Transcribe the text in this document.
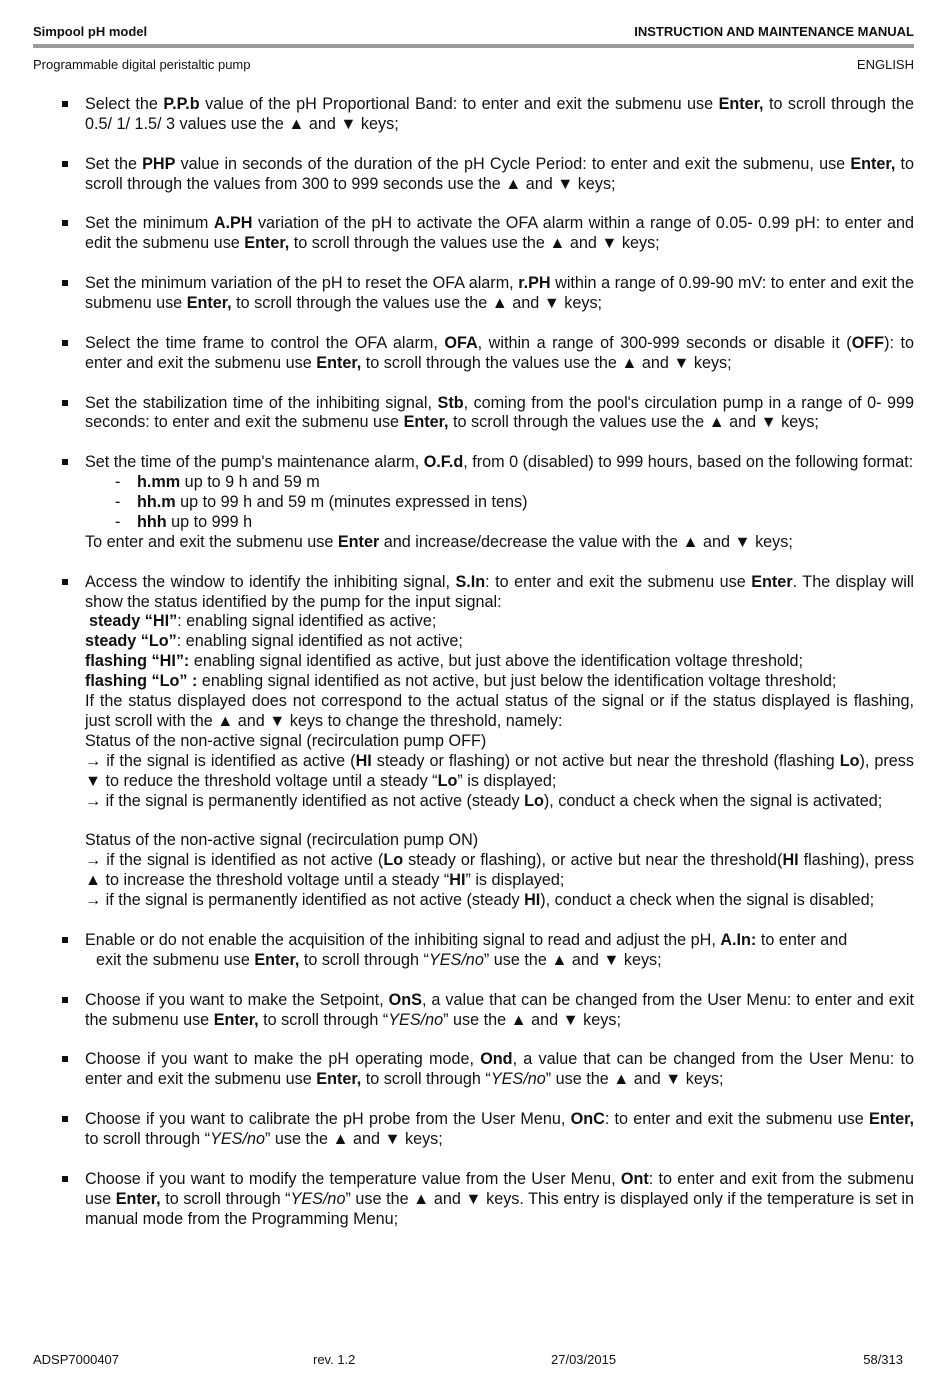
Simpool pH model	INSTRUCTION AND MAINTENANCE MANUAL
Programmable digital peristaltic pump	ENGLISH
Select the P.P.b value of the pH Proportional Band: to enter and exit the submenu use Enter, to scroll through the 0.5/ 1/ 1.5/ 3 values use the ▲ and ▼ keys;
Set the PHP value in seconds of the duration of the pH Cycle Period: to enter and exit the submenu, use Enter, to scroll through the values from 300 to 999 seconds use the ▲ and ▼ keys;
Set the minimum A.PH variation of the pH to activate the OFA alarm within a range of 0.05- 0.99 pH: to enter and edit the submenu use Enter, to scroll through the values use the ▲ and ▼ keys;
Set the minimum variation of the pH to reset the OFA alarm, r.PH within a range of 0.99-90 mV: to enter and exit the submenu use Enter, to scroll through the values use the ▲ and ▼ keys;
Select the time frame to control the OFA alarm, OFA, within a range of 300-999 seconds or disable it (OFF): to enter and exit the submenu use Enter, to scroll through the values use the ▲ and ▼ keys;
Set the stabilization time of the inhibiting signal, Stb, coming from the pool's circulation pump in a range of 0- 999 seconds: to enter and exit the submenu use Enter, to scroll through the values use the ▲ and ▼ keys;
Set the time of the pump's maintenance alarm, O.F.d, from 0 (disabled) to 999 hours, based on the following format:
- h.mm up to 9 h and 59 m
- hh.m up to 99 h and 59 m (minutes expressed in tens)
- hhh up to 999 h
To enter and exit the submenu use Enter and increase/decrease the value with the ▲ and ▼ keys;
Access the window to identify the inhibiting signal, S.In: to enter and exit the submenu use Enter. The display will show the status identified by the pump for the input signal:
steady “HI”: enabling signal identified as active;
steady “Lo”: enabling signal identified as not active;
flashing “HI”: enabling signal identified as active, but just above the identification voltage threshold;
flashing “Lo” : enabling signal identified as not active, but just below the identification voltage threshold;
If the status displayed does not correspond to the actual status of the signal or if the status displayed is flashing, just scroll with the ▲ and ▼ keys to change the threshold, namely:
Status of the non-active signal (recirculation pump OFF)
→ if the signal is identified as active (HI steady or flashing) or not active but near the threshold (flashing Lo), press ▼ to reduce the threshold voltage until a steady “Lo” is displayed;
→ if the signal is permanently identified as not active (steady Lo), conduct a check when the signal is activated;
Status of the non-active signal (recirculation pump ON)
→ if the signal is identified as not active (Lo steady or flashing), or active but near the threshold(HI flashing), press ▲ to increase the threshold voltage until a steady “HI” is displayed;
→ if the signal is permanently identified as not active (steady HI), conduct a check when the signal is disabled;
Enable or do not enable the acquisition of the inhibiting signal to read and adjust the pH, A.In: to enter and
exit the submenu use Enter, to scroll through “YES/no” use the ▲ and ▼ keys;
Choose if you want to make the Setpoint, OnS, a value that can be changed from the User Menu: to enter and exit the submenu use Enter, to scroll through “YES/no” use the ▲ and ▼ keys;
Choose if you want to make the pH operating mode, Ond, a value that can be changed from the User Menu: to enter and exit the submenu use Enter, to scroll through “YES/no” use the ▲ and ▼ keys;
Choose if you want to calibrate the pH probe from the User Menu, OnC: to enter and exit the submenu use Enter, to scroll through “YES/no” use the ▲ and ▼ keys;
Choose if you want to modify the temperature value from the User Menu, Ont: to enter and exit from the submenu use Enter, to scroll through “YES/no” use the ▲ and ▼ keys. This entry is displayed only if the temperature is set in manual mode from the Programming Menu;
ADSP7000407	rev. 1.2	27/03/2015	58/313
